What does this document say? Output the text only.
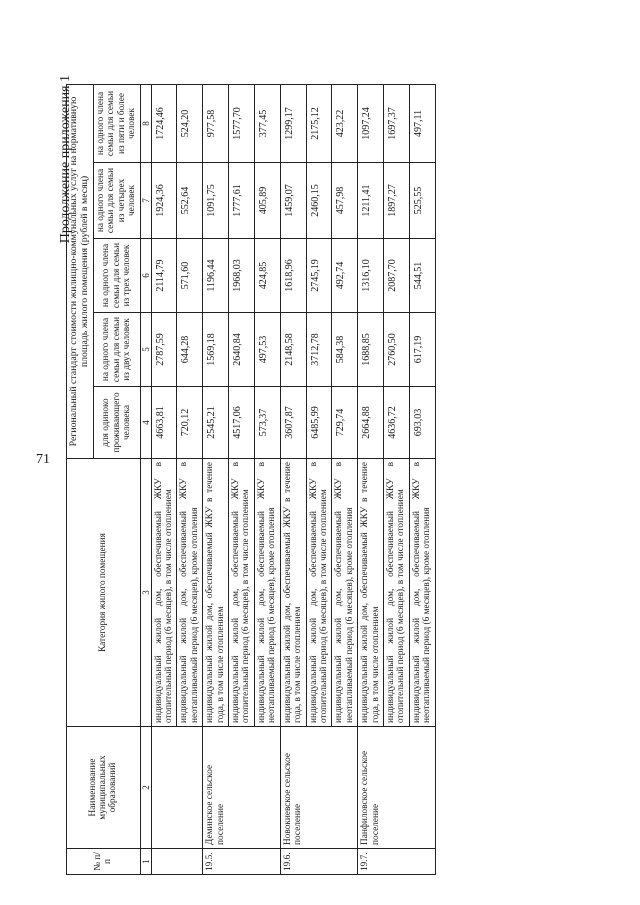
71
Продолжение приложения 1
№ п/п	Наименование муниципальных образований	Категория жилого помещения	Региональный стандарт стоимости жилищно-коммунальных услуг на нормативную площадь жилого помещения (рублей в месяц)				
			для одиноко проживающего человека	на одного члена семьи для семьи из двух человек	на одного члена семьи для семьи из трех человек	на одного члена семьи для семьи из четырех человек	на одного члена семьи для семьи из пяти и более человек
1	2	3	4	5	6	7	8
		индивидуальный жилой дом, обеспечиваемый ЖКУ в отопительный период (6 месяцев), в том числе отоплением	4663,81	2787,59	2114,79	1924,36	1724,46
		индивидуальный жилой дом, обеспечиваемый ЖКУ в неотапливаемый период (6 месяцев), кроме отопления	720,12	644,28	571,60	552,64	524,20
19.5.	Деминское сельское поселение	индивидуальный жилой дом, обеспечиваемый ЖКУ в течение года, в том числе отоплением	2545,21	1569,18	1196,44	1091,75	977,58
		индивидуальный жилой дом, обеспечиваемый ЖКУ в отопительный период (6 месяцев), в том числе отоплением	4517,06	2640,84	1968,03	1777,61	1577,70
		индивидуальный жилой дом, обеспечиваемый ЖКУ в неотапливаемый период (6 месяцев), кроме отопления	573,37	497,53	424,85	405,89	377,45
19.6.	Новокиевское сельское поселение	индивидуальный жилой дом, обеспечиваемый ЖКУ в течение года, в том числе отоплением	3607,87	2148,58	1618,96	1459,07	1299,17
		индивидуальный жилой дом, обеспечиваемый ЖКУ в отопительный период (6 месяцев), в том числе отоплением	6485,99	3712,78	2745,19	2460,15	2175,12
		индивидуальный жилой дом, обеспечиваемый ЖКУ в неотапливаемый период (6 месяцев), кроме отопления	729,74	584,38	492,74	457,98	423,22
19.7.	Панфиловское сельское поселение	индивидуальный жилой дом, обеспечиваемый ЖКУ в течение года, в том числе отоплением	2664,88	1688,85	1316,10	1211,41	1097,24
		индивидуальный жилой дом, обеспечиваемый ЖКУ в отопительный период (6 месяцев), в том числе отоплением	4636,72	2760,50	2087,70	1897,27	1697,37
		индивидуальный жилой дом, обеспечиваемый ЖКУ в неотапливаемый период (6 месяцев), кроме отопления	693,03	617,19	544,51	525,55	497,11
